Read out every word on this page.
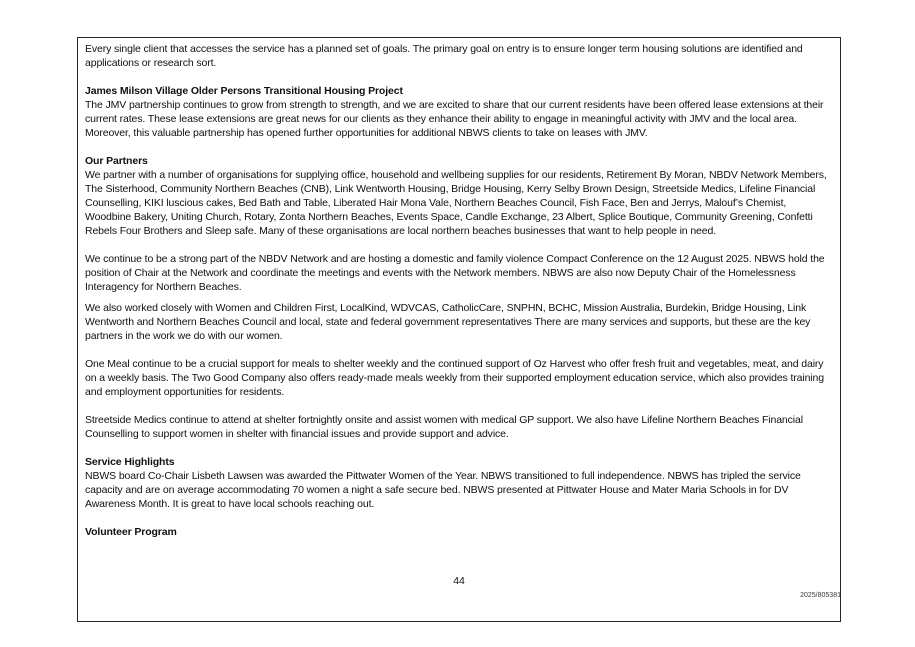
Every single client that accesses the service has a planned set of goals. The primary goal on entry is to ensure longer term housing solutions are identified and applications or research sort.

James Milson Village Older Persons Transitional Housing Project

The JMV partnership continues to grow from strength to strength, and we are excited to share that our current residents have been offered lease extensions at their current rates. These lease extensions are great news for our clients as they enhance their ability to engage in meaningful activity with JMV and the local area. Moreover, this valuable partnership has opened further opportunities for additional NBWS clients to take on leases with JMV.

Our Partners

We partner with a number of organisations for supplying office, household and wellbeing supplies for our residents, Retirement By Moran, NBDV Network Members, The Sisterhood, Community Northern Beaches (CNB), Link Wentworth Housing, Bridge Housing, Kerry Selby Brown Design, Streetside Medics, Lifeline Financial Counselling, KIKI luscious cakes, Bed Bath and Table, Liberated Hair Mona Vale, Northern Beaches Council, Fish Face, Ben and Jerrys, Malouf’s Chemist, Woodbine Bakery, Uniting Church, Rotary, Zonta Northern Beaches, Events Space, Candle Exchange, 23 Albert, Splice Boutique, Community Greening, Confetti Rebels Four Brothers and Sleep safe. Many of these organisations are local northern beaches businesses that want to help people in need.

We continue to be a strong part of the NBDV Network and are hosting a domestic and family violence Compact Conference on the 12 August 2025. NBWS hold the position of Chair at the Network and coordinate the meetings and events with the Network members. NBWS are also now Deputy Chair of the Homelessness Interagency for Northern Beaches.

We also worked closely with Women and Children First, LocalKind, WDVCAS, CatholicCare, SNPHN, BCHC, Mission Australia, Burdekin, Bridge Housing, Link Wentworth and Northern Beaches Council and local, state and federal government representatives There are many services and supports, but these are the key partners in the work we do with our women.

One Meal continue to be a crucial support for meals to shelter weekly and the continued support of Oz Harvest who offer fresh fruit and vegetables, meat, and dairy on a weekly basis. The Two Good Company also offers ready-made meals weekly from their supported employment education service, which also provides training and employment opportunities for residents.

Streetside Medics continue to attend at shelter fortnightly onsite and assist women with medical GP support. We also have Lifeline Northern Beaches Financial Counselling to support women in shelter with financial issues and provide support and advice.

Service Highlights

NBWS board Co-Chair Lisbeth Lawsen was awarded the Pittwater Women of the Year. NBWS transitioned to full independence. NBWS has tripled the service capacity and are on average accommodating 70 women a night a safe secure bed. NBWS presented at Pittwater House and Mater Maria Schools in for DV Awareness Month. It is great to have local schools reaching out.

Volunteer Program

44
2025/805381
